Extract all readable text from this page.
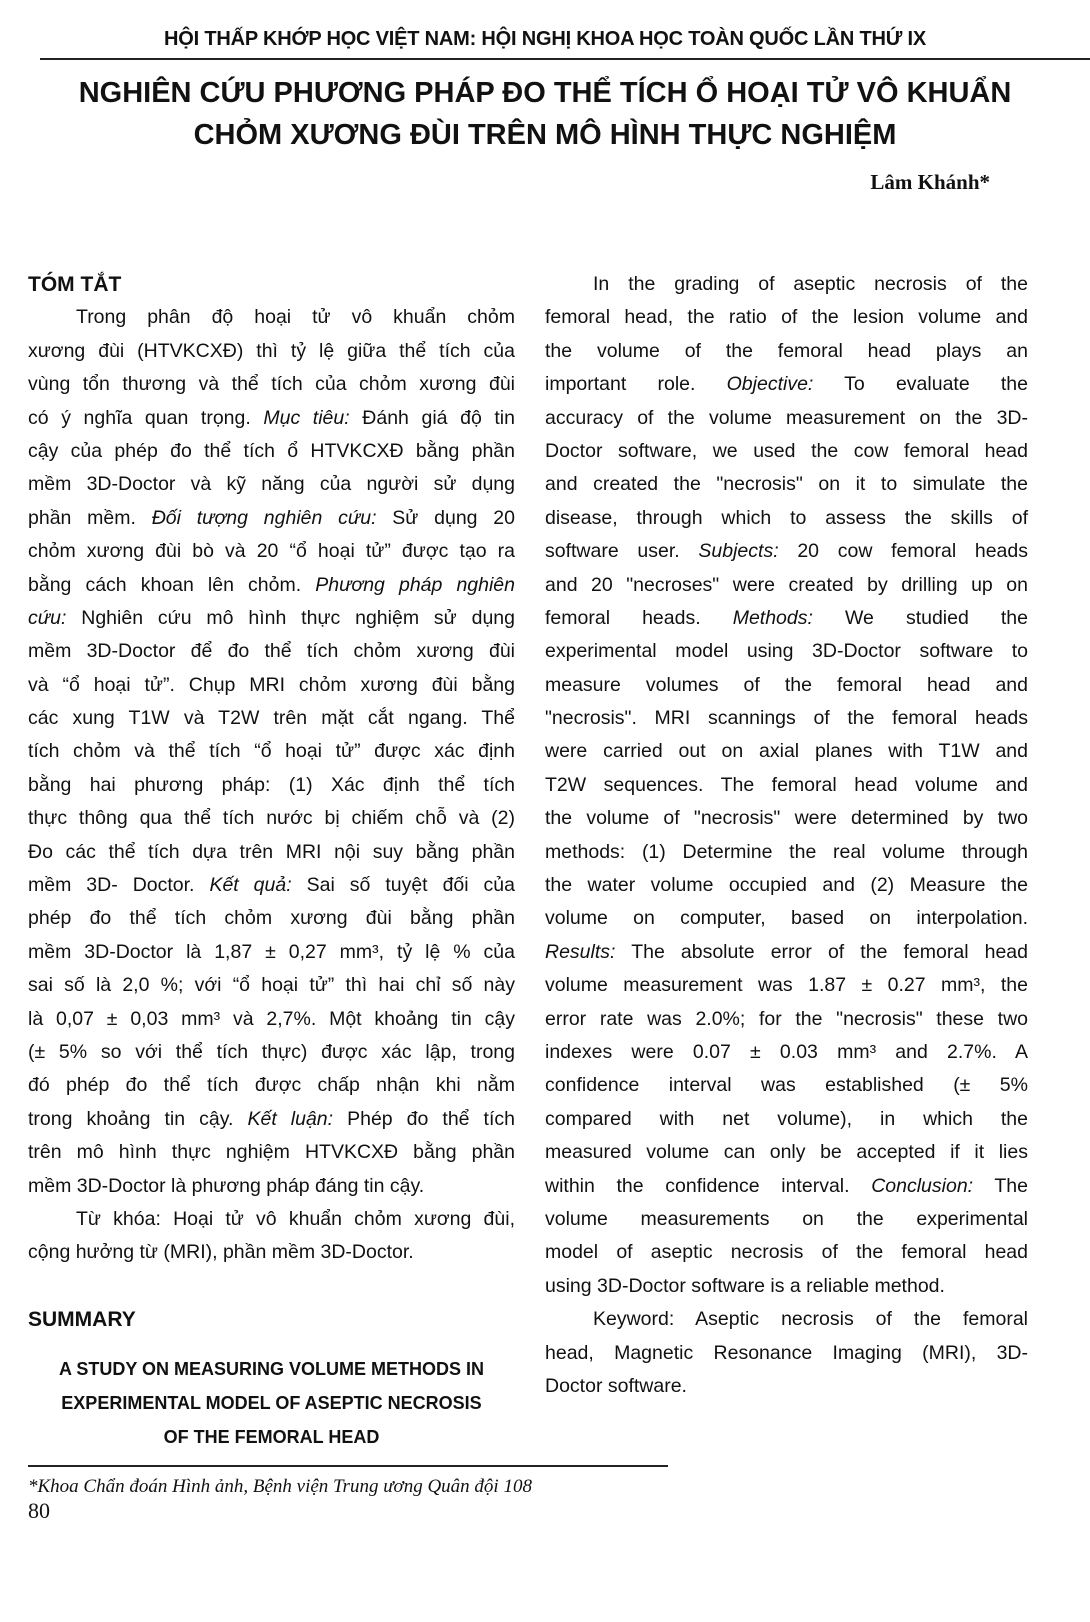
HỘI THẤP KHỚP HỌC VIỆT NAM: HỘI NGHỊ KHOA HỌC TOÀN QUỐC LẦN THỨ IX
NGHIÊN CỨU PHƯƠNG PHÁP ĐO THỂ TÍCH Ổ HOẠI TỬ VÔ KHUẨN
CHỎM XƯƠNG ĐÙI TRÊN MÔ HÌNH THỰC NGHIỆM
Lâm Khánh*
TÓM TẮT
Trong phân độ hoại tử vô khuẩn chỏm
xương đùi (HTVKCXĐ) thì tỷ lệ giữa thể tích của
vùng tổn thương và thể tích của chỏm xương đùi
có ý nghĩa quan trọng. Mục tiêu: Đánh giá độ tin
cậy của phép đo thể tích ổ HTVKCXĐ bằng phần
mềm 3D-Doctor và kỹ năng của người sử dụng
phần mềm. Đối tượng nghiên cứu: Sử dụng 20
chỏm xương đùi bò và 20 “ổ hoại tử” được tạo ra
bằng cách khoan lên chỏm. Phương pháp nghiên
cứu: Nghiên cứu mô hình thực nghiệm sử dụng
mềm 3D-Doctor để đo thể tích chỏm xương đùi
và “ổ hoại tử”. Chụp MRI chỏm xương đùi bằng
các xung T1W và T2W trên mặt cắt ngang. Thể
tích chỏm và thể tích “ổ hoại tử” được xác định
bằng hai phương pháp: (1) Xác định thể tích
thực thông qua thể tích nước bị chiếm chỗ và (2)
Đo các thể tích dựa trên MRI nội suy bằng phần
mềm 3D- Doctor. Kết quả: Sai số tuyệt đối của
phép đo thể tích chỏm xương đùi bằng phần
mềm 3D-Doctor là 1,87 ± 0,27 mm³, tỷ lệ % của
sai số là 2,0 %; với “ổ hoại tử” thì hai chỉ số này
là 0,07 ± 0,03 mm³ và 2,7%. Một khoảng tin cậy
(± 5% so với thể tích thực) được xác lập, trong
đó phép đo thể tích được chấp nhận khi nằm
trong khoảng tin cậy. Kết luận: Phép đo thể tích
trên mô hình thực nghiệm HTVKCXĐ bằng phần
mềm 3D-Doctor là phương pháp đáng tin cậy.
Từ khóa: Hoại tử vô khuẩn chỏm xương đùi,
cộng hưởng từ (MRI), phần mềm 3D-Doctor.
SUMMARY
A STUDY ON MEASURING VOLUME METHODS IN
EXPERIMENTAL MODEL OF ASEPTIC NECROSIS
OF THE FEMORAL HEAD
In the grading of aseptic necrosis of the
femoral head, the ratio of the lesion volume and
the volume of the femoral head plays an
important role. Objective: To evaluate the
accuracy of the volume measurement on the 3D-
Doctor software, we used the cow femoral head
and created the "necrosis" on it to simulate the
disease, through which to assess the skills of
software user. Subjects: 20 cow femoral heads
and 20 "necroses" were created by drilling up on
femoral heads. Methods: We studied the
experimental model using 3D-Doctor software to
measure volumes of the femoral head and
"necrosis". MRI scannings of the femoral heads
were carried out on axial planes with T1W and
T2W sequences. The femoral head volume and
the volume of "necrosis" were determined by two
methods: (1) Determine the real volume through
the water volume occupied and (2) Measure the
volume on computer, based on interpolation.
Results: The absolute error of the femoral head
volume measurement was 1.87 ± 0.27 mm³, the
error rate was 2.0%; for the "necrosis" these two
indexes were 0.07 ± 0.03 mm³ and 2.7%. A
confidence interval was established (± 5%
compared with net volume), in which the
measured volume can only be accepted if it lies
within the confidence interval. Conclusion: The
volume measurements on the experimental
model of aseptic necrosis of the femoral head
using 3D-Doctor software is a reliable method.
Keyword: Aseptic necrosis of the femoral
head, Magnetic Resonance Imaging (MRI), 3D-
Doctor software.
*Khoa Chẩn đoán Hình ảnh, Bệnh viện Trung ương Quân đội 108
80
